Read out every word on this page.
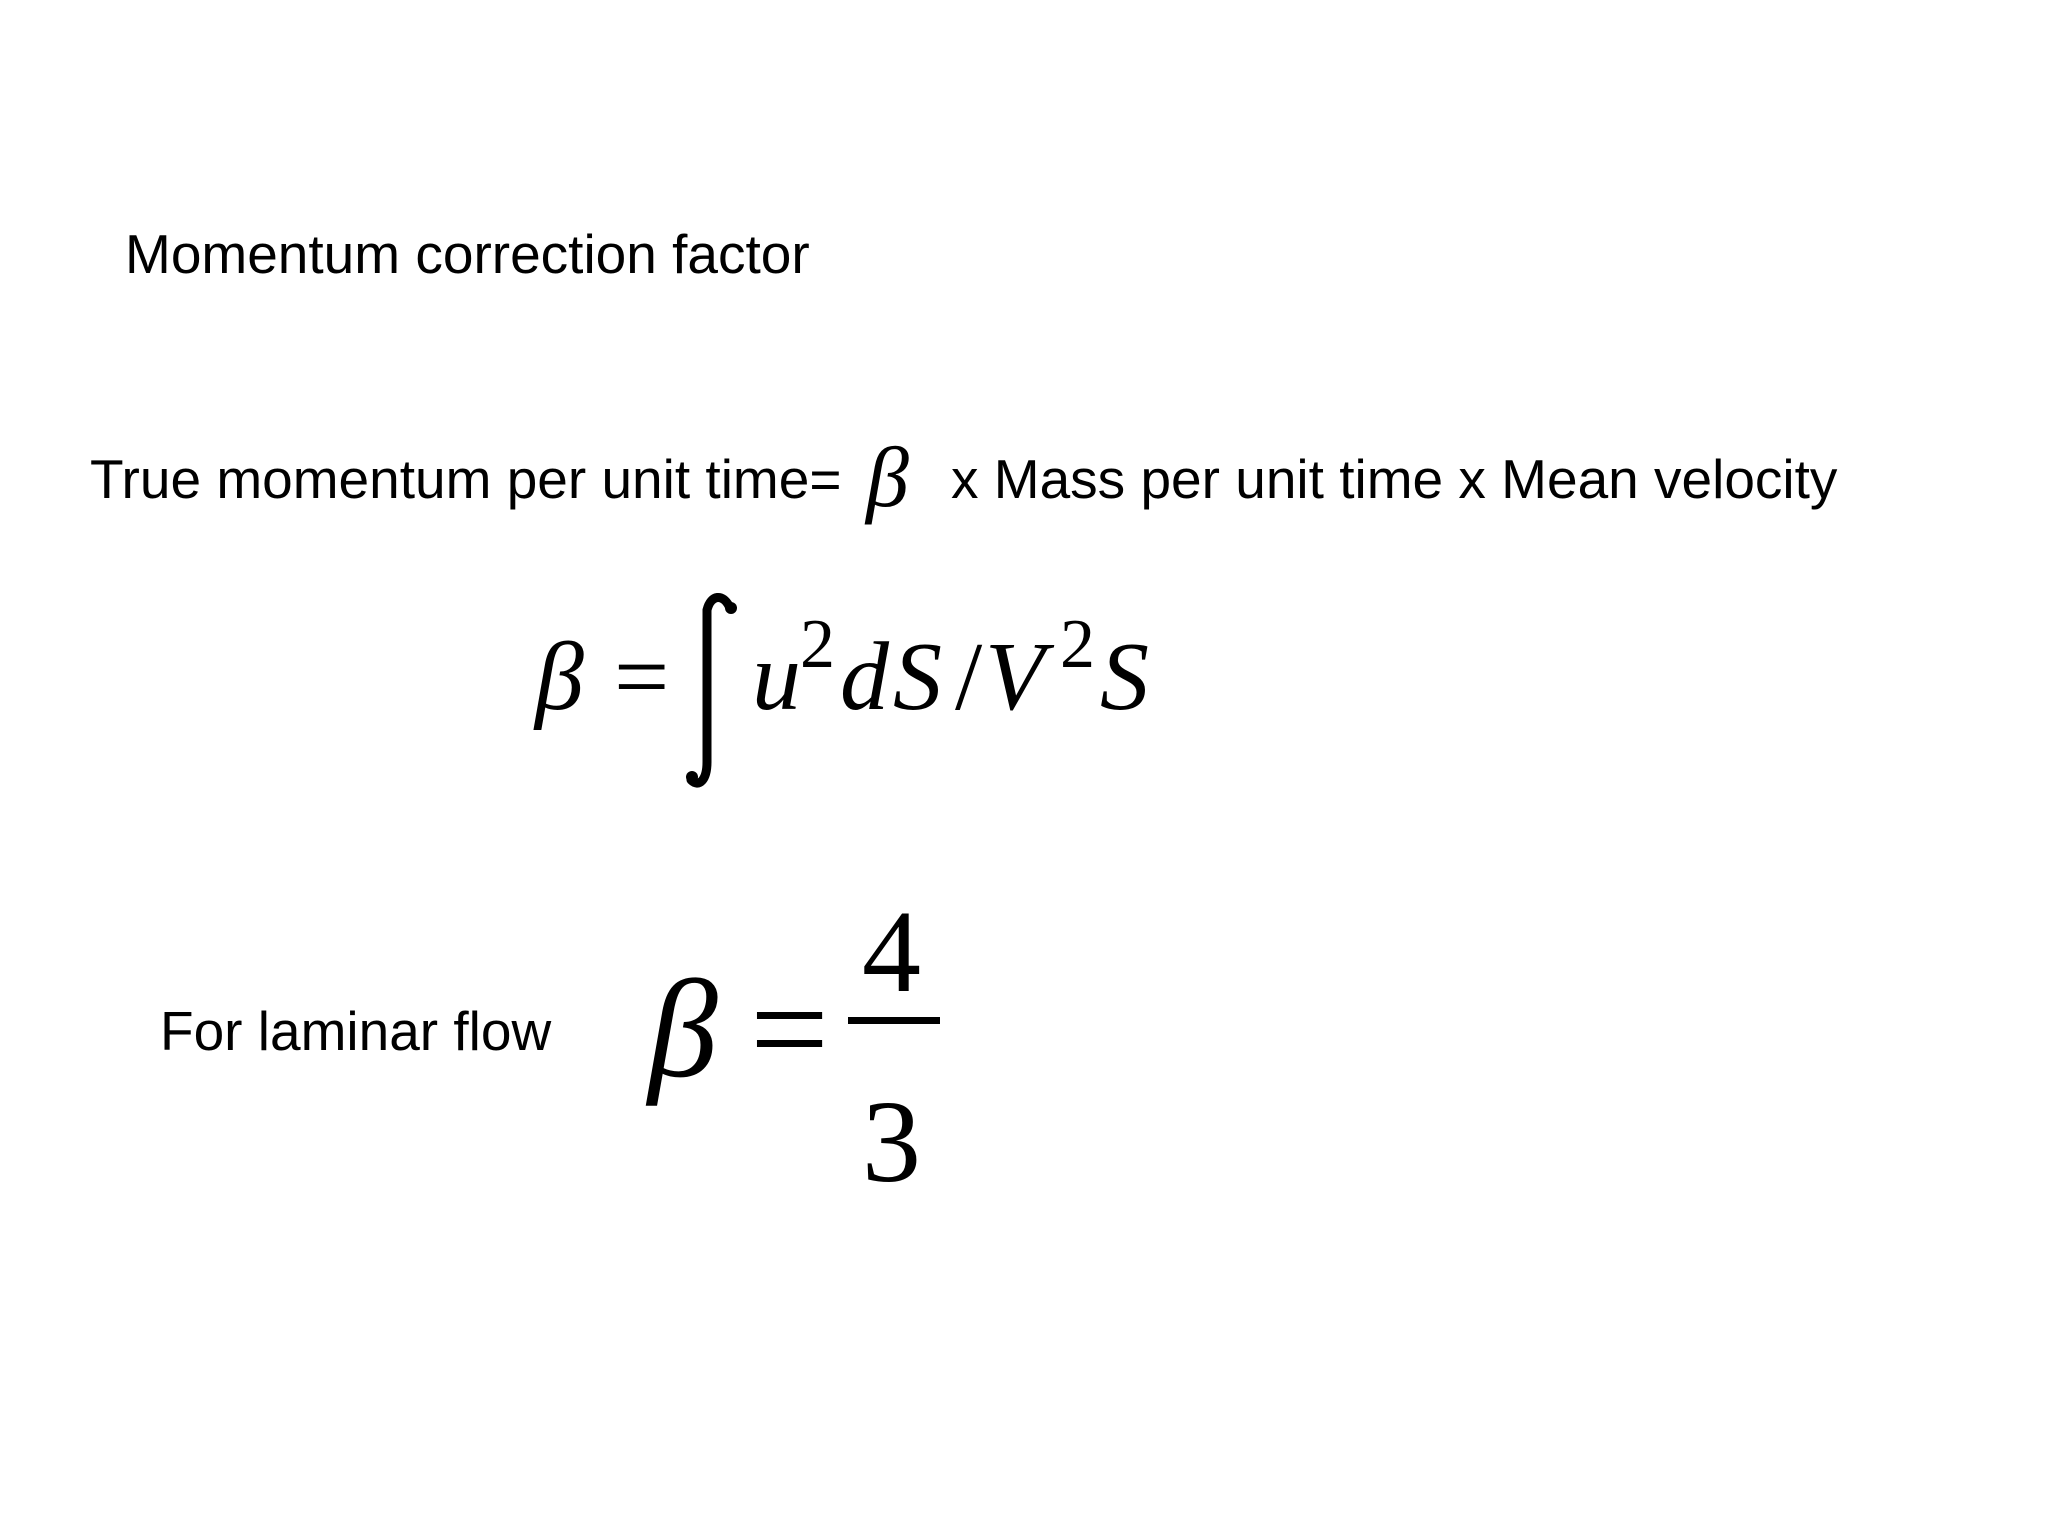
Momentum correction factor
True momentum per unit time= β x Mass per unit time x Mean velocity
β = u 2 dS / V 2 S
For laminar flow β =
4
3
